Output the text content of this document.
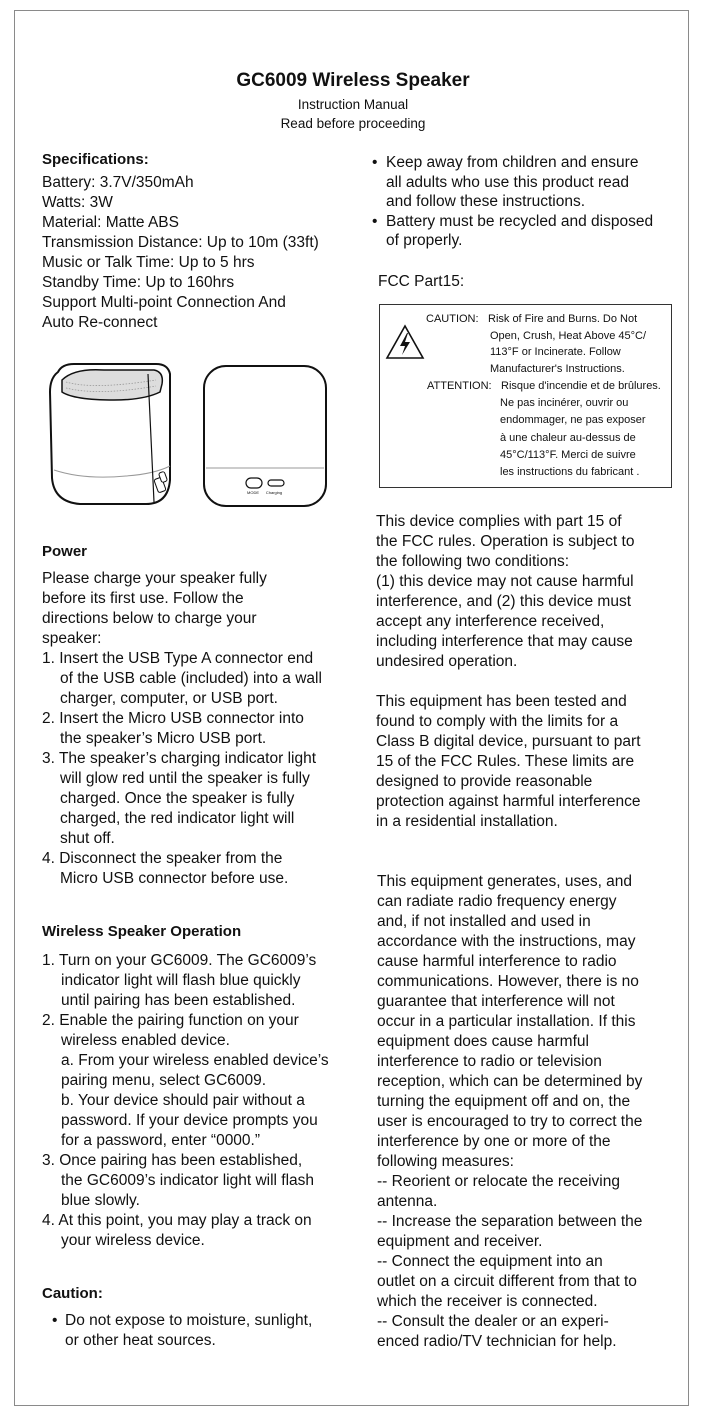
GC6009 Wireless Speaker
Instruction Manual
Read before proceeding
Specifications:
Battery: 3.7V/350mAh
Watts: 3W
Material: Matte ABS
Transmission Distance: Up to 10m (33ft)
Music or Talk Time: Up to 5 hrs
Standby Time: Up to 160hrs
Support Multi-point Connection And
Auto Re-connect
MODE	Charging
Power
Please charge your speaker fully
before its first use. Follow the
directions below to charge your
speaker:
1. Insert the USB Type A connector end
of the USB cable (included) into a wall
charger, computer, or USB port.
2. Insert the Micro USB connector into
the speaker’s Micro USB port.
3. The speaker’s charging indicator light
will glow red until the speaker is fully
charged. Once the speaker is fully
charged, the red indicator light will
shut off.
4. Disconnect the speaker from the
Micro USB connector before use.
Wireless Speaker Operation
1. Turn on your GC6009. The GC6009’s
indicator light will flash blue quickly
until pairing has been established.
2. Enable the pairing function on your
wireless enabled device.
a. From your wireless enabled device’s
pairing menu, select GC6009.
b. Your device should pair without a
password. If your device prompts you
for a password, enter “0000.”
3. Once pairing has been established,
the GC6009’s indicator light will flash
blue slowly.
4. At this point, you may play a track on
your wireless device.
Caution:
• Do not expose to moisture, sunlight,
or other heat sources.
• Keep away from children and ensure
all adults who use this product read
and follow these instructions.
• Battery must be recycled and disposed
of properly.
FCC Part15:
CAUTION: Risk of Fire and Burns. Do Not
Open, Crush, Heat Above 45°C/
113°F or Incinerate. Follow
Manufacturer's Instructions.
ATTENTION: Risque d'incendie et de brûlures.
Ne pas incinérer, ouvrir ou
endommager, ne pas exposer
à une chaleur au-dessus de
45°C/113°F. Merci de suivre
les instructions du fabricant .
This device complies with part 15 of
the FCC rules. Operation is subject to
the following two conditions:
(1) this device may not cause harmful
interference, and (2) this device must
accept any interference received,
including interference that may cause
undesired operation.
This equipment has been tested and
found to comply with the limits for a
Class B digital device, pursuant to part
15 of the FCC Rules. These limits are
designed to provide reasonable
protection against harmful interference
in a residential installation.
This equipment generates, uses, and
can radiate radio frequency energy
and, if not installed and used in
accordance with the instructions, may
cause harmful interference to radio
communications. However, there is no
guarantee that interference will not
occur in a particular installation. If this
equipment does cause harmful
interference to radio or television
reception, which can be determined by
turning the equipment off and on, the
user is encouraged to try to correct the
interference by one or more of the
following measures:
-- Reorient or relocate the receiving
antenna.
-- Increase the separation between the
equipment and receiver.
-- Connect the equipment into an
outlet on a circuit different from that to
which the receiver is connected.
-- Consult the dealer or an experi-
enced radio/TV technician for help.
